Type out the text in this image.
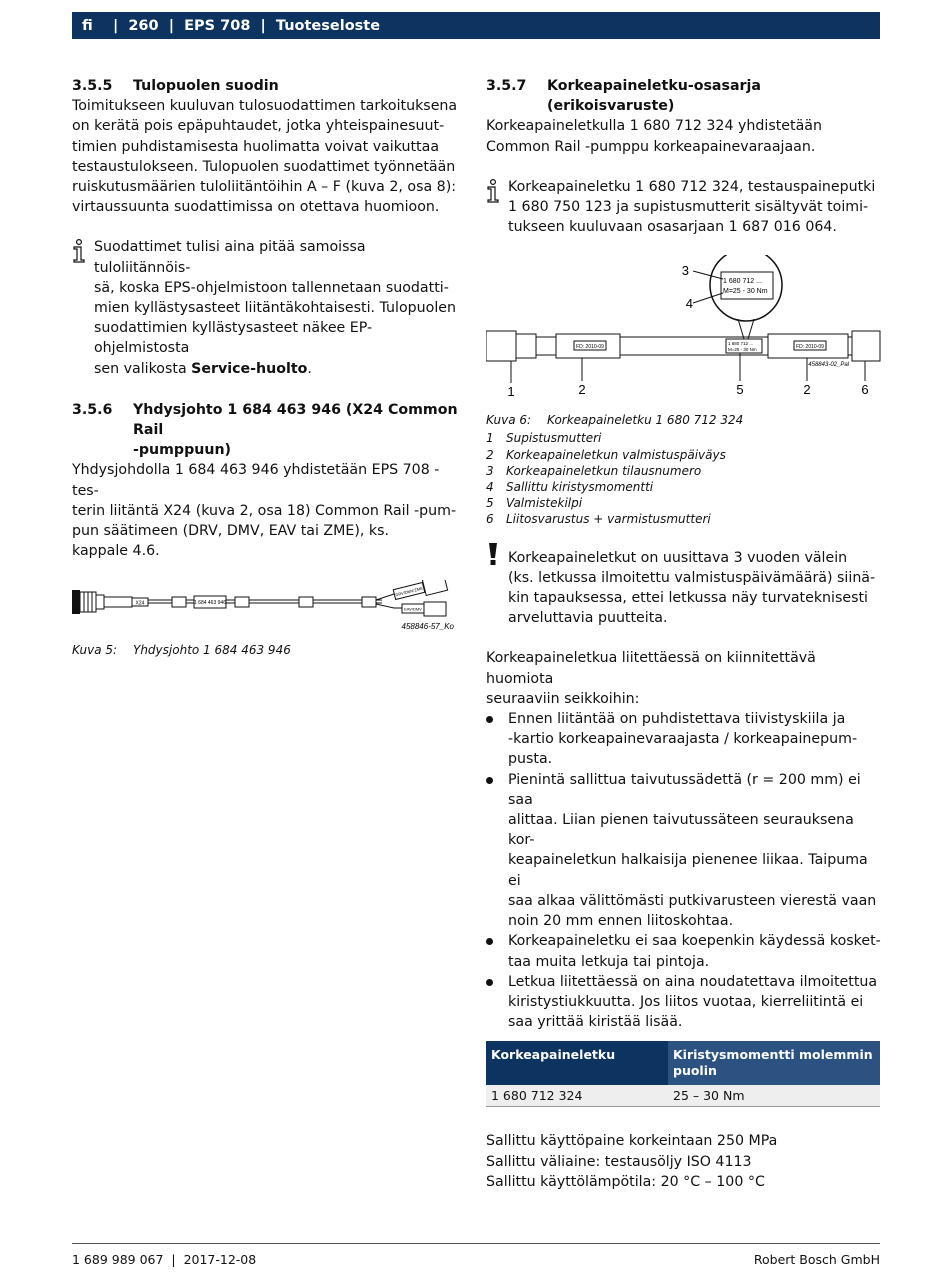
fi | 260 | EPS 708 | Tuoteseloste
3.5.5	Tulopuolen suodin

Toimitukseen kuuluvan tulosuodattimen tarkoituksena
on kerätä pois epäpuhtaudet, jotka yhteispainesuut-
timien puhdistamisesta huolimatta voivat vaikuttaa
testaustulokseen. Tulopuolen suodattimet työnnetään
ruiskutusmäärien tuloliitäntöihin A – F (kuva 2, osa 8):
virtaussuunta suodattimissa on otettava huomioon.

Suodattimet tulisi aina pitää samoissa tuloliitännöis-
sä, koska EPS-ohjelmistoon tallennetaan suodatti-
mien kyllästysasteet liitäntäkohtaisesti. Tulopuolen
suodattimien kyllästysasteet näkee EP-ohjelmistosta
sen valikosta Service-huolto.
3.5.6	Yhdysjohto 1 684 463 946 (X24 Common Rail
-pumppuun)

Yhdysjohdolla 1 684 463 946 yhdistetään EPS 708 -tes-
terin liitäntä X24 (kuva 2, osa 18) Common Rail -pum-
pun säätimeen (DRV, DMV, EAV tai ZME), ks.
kappale 4.6.

X24	1 684 463 946
DRV/DMV/ZME
EAV/DMV
458846-57_Ko
Kuva 5:	Yhdysjohto 1 684 463 946
3.5.7	Korkeapaineletku-osasarja (erikoisvaruste)

Korkeapaineletkulla 1 680 712 324 yhdistetään
Common Rail -pumppu korkeapainevaraajaan.

Korkeapaineletku 1 680 712 324, testauspaineputki
1 680 750 123 ja supistusmutterit sisältyvät toimi-
tukseen kuuluvaan osasarjaan 1 687 016 064.
FD: 2010-09
1 680 712 ...
M=25 - 30 Nm	FD: 2010-09
1 680 712 ...
M=25 - 30 Nm
3
4
1	2	5	2	6
458843-02_Pal
Kuva 6:	Korkeapaineletku 1 680 712 324
1	Supistusmutteri
2	Korkeapaineletkun valmistuspäiväys
3	Korkeapaineletkun tilausnumero
4	Sallittu kiristysmomentti
5	Valmistekilpi
6	Liitosvarustus + varmistusmutteri
Korkeapaineletkut on uusittava 3 vuoden välein
(ks. letkussa ilmoitettu valmistuspäivämäärä) siinä-
kin tapauksessa, ettei letkussa näy turvateknisesti
arveluttavia puutteita.

Korkeapaineletkua liitettäessä on kiinnitettävä huomiota
seuraaviin seikkoihin:

Ennen liitäntää on puhdistettava tiivistyskiila ja
-kartio korkeapainevaraajasta / korkeapainepum-
pusta.
Pienintä sallittua taivutussädettä (r = 200 mm) ei saa
alittaa. Liian pienen taivutussäteen seurauksena kor-
keapaineletkun halkaisija pienenee liikaa. Taipuma ei
saa alkaa välittömästi putkivarusteen vierestä vaan
noin 20 mm ennen liitoskohtaa.
Korkeapaineletku ei saa koepenkin käydessä kosket-
taa muita letkuja tai pintoja.
Letkua liitettäessä on aina noudatettava ilmoitettua
kiristystiukkuutta. Jos liitos vuotaa, kierreliitintä ei
saa yrittää kiristää lisää.
Korkeapaineletku	Kiristysmomentti molemmin puolin
1 680 712 324	25 – 30 Nm

Sallittu käyttöpaine korkeintaan 250 MPa
Sallittu väliaine: testausöljy ISO 4113
Sallittu käyttölämpötila: 20 °C – 100 °C

1 689 989 067  |  2017-12-08	Robert Bosch GmbH
